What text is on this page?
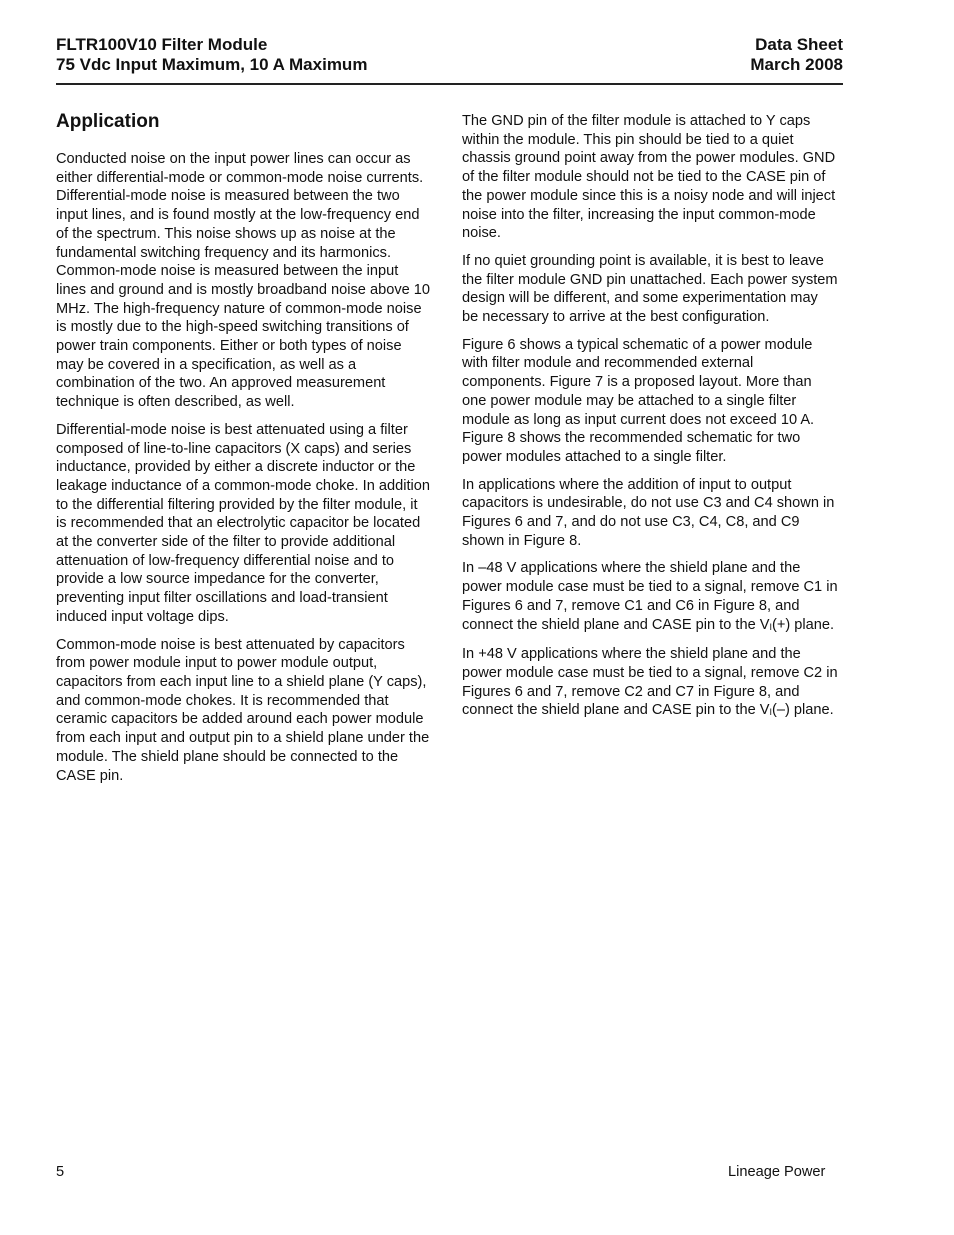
FLTR100V10 Filter Module
75 Vdc Input Maximum, 10 A Maximum
Data Sheet
March 2008
Application

Conducted noise on the input power lines can occur as either differential-mode or common-mode noise currents. Differential-mode noise is measured between the two input lines, and is found mostly at the low-frequency end of the spectrum. This noise shows up as noise at the fundamental switching frequency and its harmonics. Common-mode noise is measured between the input lines and ground and is mostly broadband noise above 10 MHz. The high-frequency nature of common-mode noise is mostly due to the high-speed switching transitions of power train components. Either or both types of noise may be covered in a specification, as well as a combination of the two. An approved measurement technique is often described, as well.

Differential-mode noise is best attenuated using a filter composed of line-to-line capacitors (X caps) and series inductance, provided by either a discrete inductor or the leakage inductance of a common-mode choke. In addition to the differential filtering provided by the filter module, it is recommended that an electrolytic capacitor be located at the converter side of the filter to provide additional attenuation of low-frequency differential noise and to provide a low source impedance for the converter, preventing input filter oscillations and load-transient induced input voltage dips.

Common-mode noise is best attenuated by capacitors from power module input to power module output, capacitors from each input line to a shield plane (Y caps), and common-mode chokes. It is recommended that ceramic capacitors be added around each power module from each input and output pin to a shield plane under the module. The shield plane should be connected to the CASE pin.

The GND pin of the filter module is attached to Y caps within the module. This pin should be tied to a quiet chassis ground point away from the power modules. GND of the filter module should not be tied to the CASE pin of the power module since this is a noisy node and will inject noise into the filter, increasing the input common-mode noise.

If no quiet grounding point is available, it is best to leave the filter module GND pin unattached. Each power system design will be different, and some experimentation may be necessary to arrive at the best configuration.

Figure 6 shows a typical schematic of a power module with filter module and recommended external components. Figure 7 is a proposed layout. More than one power module may be attached to a single filter module as long as input current does not exceed 10 A. Figure 8 shows the recommended schematic for two power modules attached to a single filter.

In applications where the addition of input to output capacitors is undesirable, do not use C3 and C4 shown in Figures 6 and 7, and do not use C3, C4, C8, and C9 shown in Figure 8.

In –48 V applications where the shield plane and the power module case must be tied to a signal, remove C1 in Figures 6 and 7, remove C1 and C6 in Figure 8, and connect the shield plane and CASE pin to the $V_I(+)$ plane.

In +48 V applications where the shield plane and the power module case must be tied to a signal, remove C2 in Figures 6 and 7, remove C2 and C7 in Figure 8, and connect the shield plane and CASE pin to the $V_I(-)$ plane.

5	Lineage Power
